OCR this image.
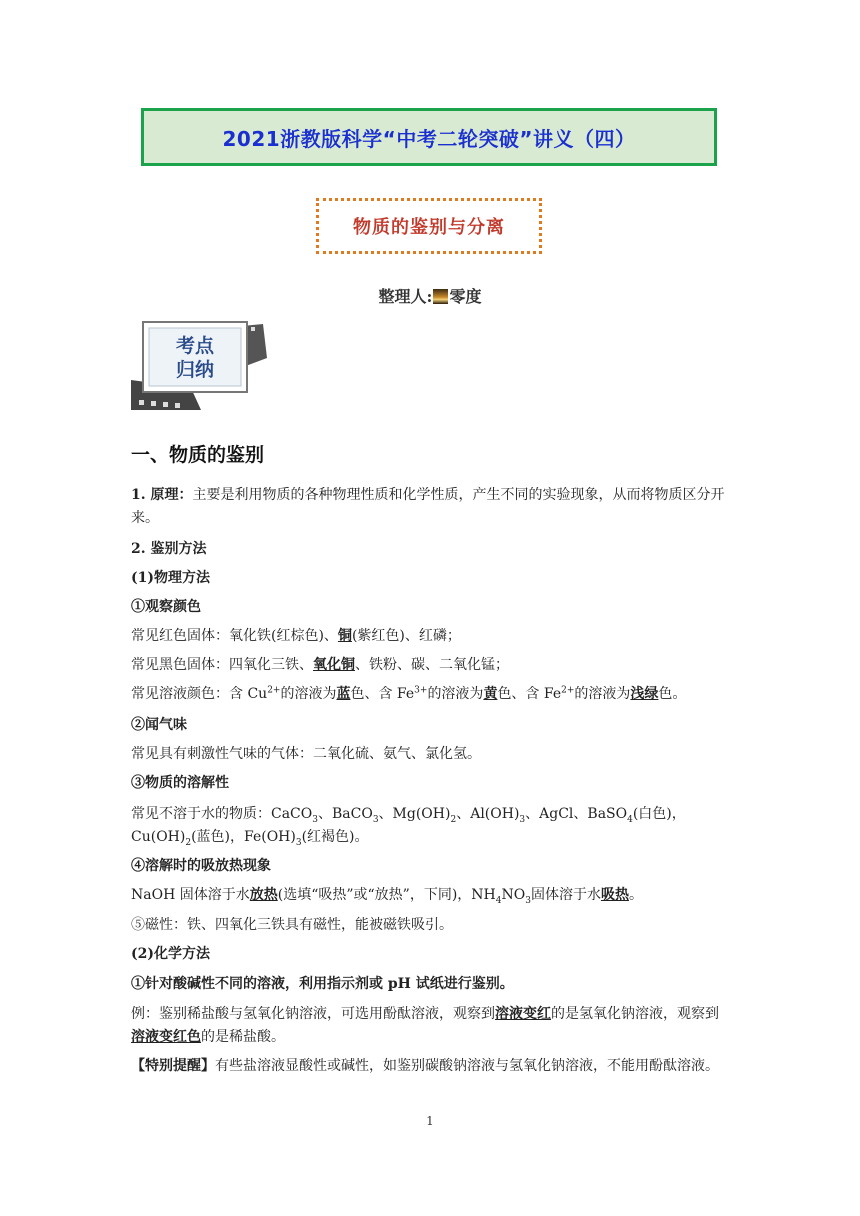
2021浙教版科学“中考二轮突破”讲义（四）
物质的鉴别与分离
整理人: 零度
考点
归纳
一、物质的鉴别
1. 原理：主要是利用物质的各种物理性质和化学性质，产生不同的实验现象，从而将物质区分开来。
2. 鉴别方法
(1)物理方法
①观察颜色
常见红色固体：氧化铁(红棕色)、铜(紫红色)、红磷；
常见黑色固体：四氧化三铁、氧化铜、铁粉、碳、二氧化锰；
常见溶液颜色：含 $Cu^{2+}$的溶液为蓝色、含 $Fe^{3+}$的溶液为黄色、含 $Fe^{2+}$的溶液为浅绿色。
②闻气味
常见具有刺激性气味的气体：二氧化硫、氨气、氯化氢。
③物质的溶解性
常见不溶于水的物质：CaCO$_3$、BaCO$_3$、$Mg(OH)_2$、$Al(OH)_3$、AgCl、BaSO$_4$(白色)，$Cu(OH)_2$(蓝色)，$Fe(OH)_3$(红褐色)。
④溶解时的吸放热现象
NaOH 固体溶于水放热(选填“吸热”或“放热”，下同)，$NH_4NO_3$固体溶于水吸热。
⑤磁性：铁、四氧化三铁具有磁性，能被磁铁吸引。
(2)化学方法
①针对酸碱性不同的溶液，利用指示剂或 pH 试纸进行鉴别。
例：鉴别稀盐酸与氢氧化钠溶液，可选用酚酞溶液，观察到溶液变红的是氢氧化钠溶液，观察到溶液变红色的是稀盐酸。
【特别提醒】有些盐溶液显酸性或碱性，如鉴别碳酸钠溶液与氢氧化钠溶液，不能用酚酞溶液。
1
